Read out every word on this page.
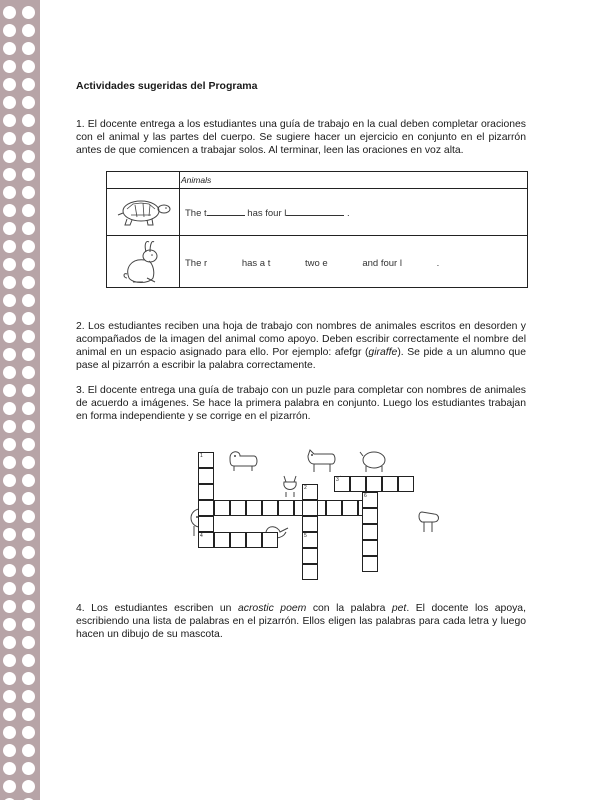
Actividades sugeridas del Programa
1. El docente entrega a los estudiantes una guía de trabajo en la cual deben completar oraciones con el animal y las partes del cuerpo. Se sugiere hacer un ejercicio en conjunto en el pizarrón antes de que comiencen a trabajar solos. Al terminar, leen las oraciones en voz alta.
Animals
The t	has four l	.
The r	has a t	two e	and four l	.
2. Los estudiantes reciben una hoja de trabajo con nombres de animales escritos en desorden y acompañados de la imagen del animal como apoyo. Deben escribir correctamente el nombre del animal en un espacio asignado para ello. Por ejemplo: afefgr (giraffe). Se pide a un alumno que pase al pizarrón a escribir la palabra correctamente.
3. El docente entrega una guía de trabajo con un puzle para completar con nombres de animales de acuerdo a imágenes. Se hace la primera palabra en conjunto. Luego los estudiantes trabajan en forma independiente y se corrige en el pizarrón.
1
2
5
3
6
4
4. Los estudiantes escriben un acrostic poem con la palabra pet. El docente los apoya, escribiendo una lista de palabras en el pizarrón. Ellos eligen las palabras para cada letra y luego hacen un dibujo de su mascota.
